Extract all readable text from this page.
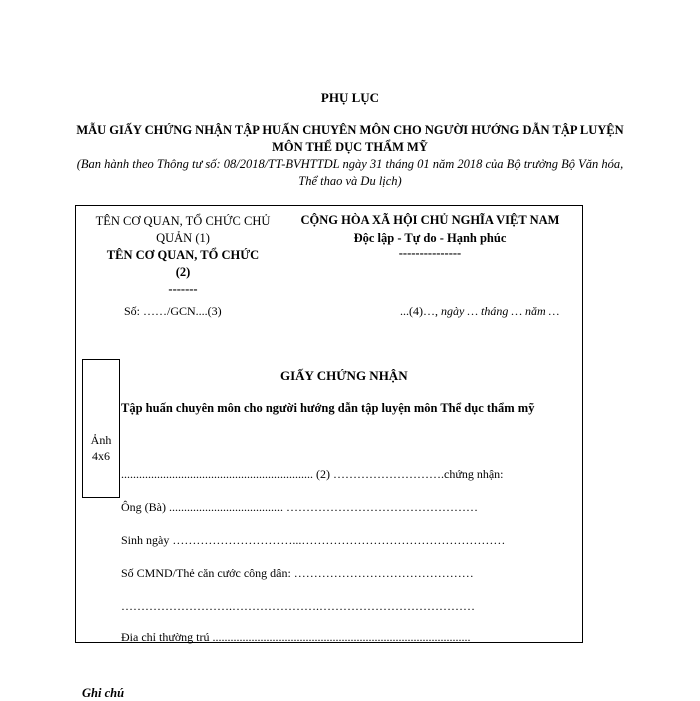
PHỤ LỤC
MẪU GIẤY CHỨNG NHẬN TẬP HUẤN CHUYÊN MÔN CHO NGƯỜI HƯỚNG DẪN TẬP LUYỆN MÔN THỂ DỤC THẨM MỸ
(Ban hành theo Thông tư số: 08/2018/TT-BVHTTDL ngày 31 tháng 01 năm 2018 của Bộ trưởng Bộ Văn hóa, Thể thao và Du lịch)
TÊN CƠ QUAN, TỔ CHỨC CHỦ QUẢN (1)
TÊN CƠ QUAN, TỔ CHỨC
(2)
-------
CỘNG HÒA XÃ HỘI CHỦ NGHĨA VIỆT NAM
Độc lập - Tự do - Hạnh phúc
---------------
Số: ……/GCN....(3)	...(4)…, ngày … tháng … năm …
Ảnh 4x6
GIẤY CHỨNG NHẬN
Tập huấn chuyên môn cho người hướng dẫn tập luyện môn Thể dục thẩm mỹ
................................................................ (2) ……………………….chứng nhận:
Ông (Bà) ...................................... …………………………………………
Sinh ngày …………………………...……………………………………………
Số CMND/Thẻ căn cước công dân: ………………………………………
……………………….………………….…………………………………
Địa chỉ thường trú ......................................................................................
Ghi chú
